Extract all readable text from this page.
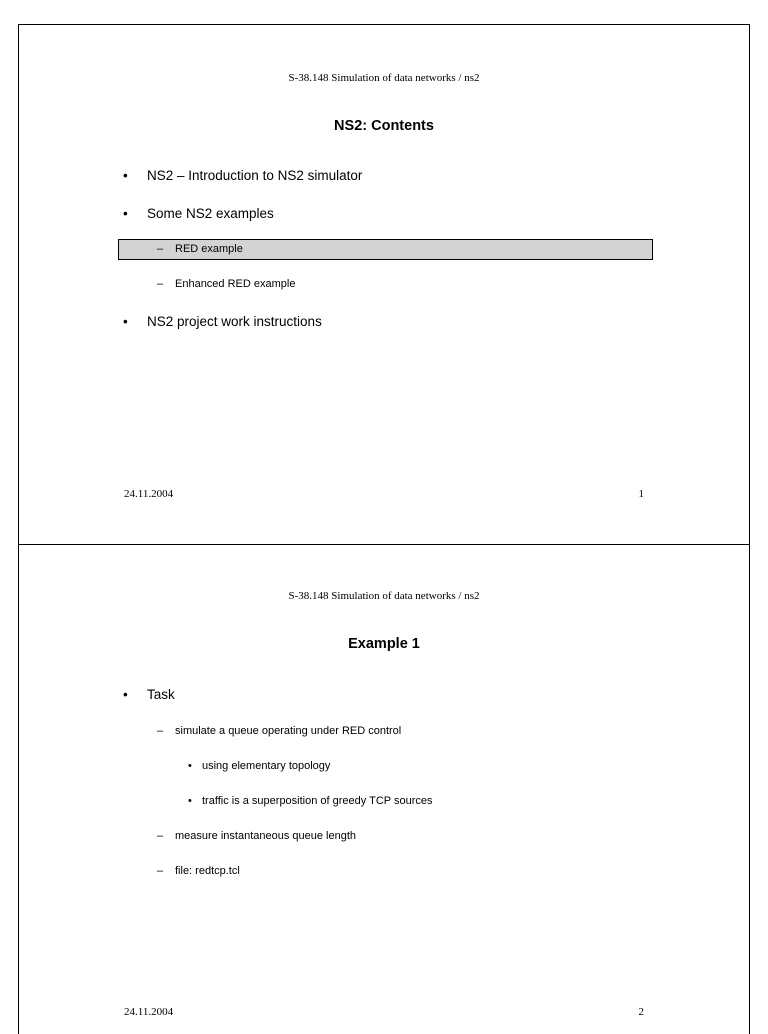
S-38.148 Simulation of data networks / ns2
NS2: Contents
• NS2 – Introduction to NS2 simulator
• Some NS2 examples
– RED example
– Enhanced RED example
• NS2 project work instructions
24.11.2004	1
S-38.148 Simulation of data networks / ns2
Example 1
• Task
– simulate a queue operating under RED control
• using elementary topology
• traffic is a superposition of greedy TCP sources
– measure instantaneous queue length
– file: redtcp.tcl
24.11.2004	2
